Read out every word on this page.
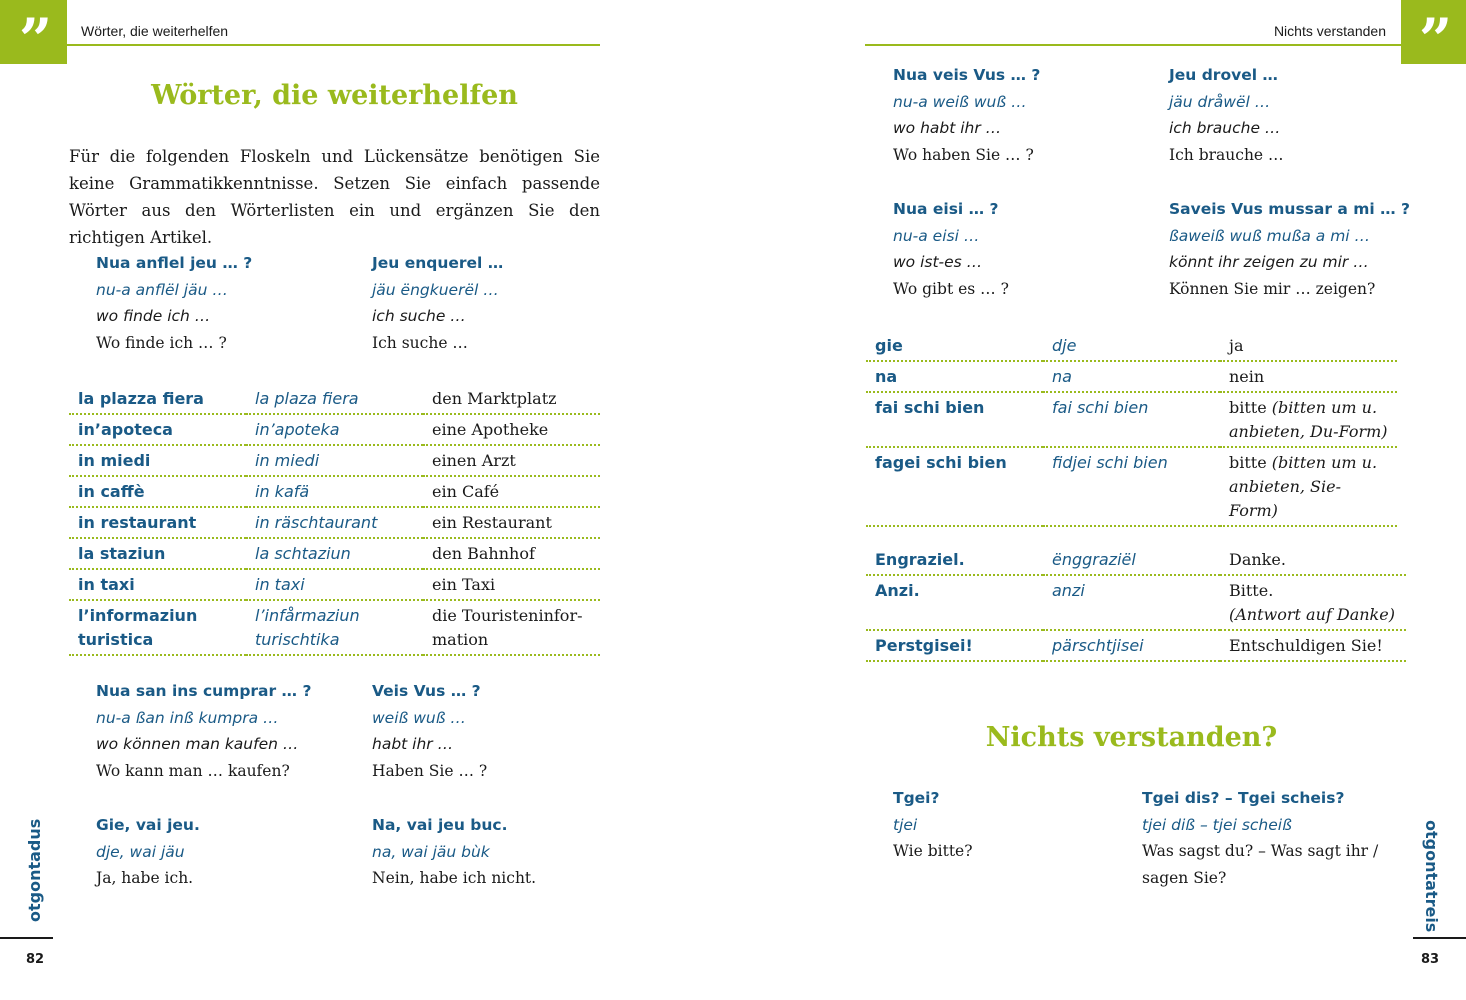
”	Wörter, die weiterhelfen
Wörter, die weiterhelfen
Für die folgenden Floskeln und Lückensätze benötigen Sie keine Grammatikkenntnisse. Setzen Sie einfach passende Wörter aus den Wörterlisten ein und ergänzen Sie den richtigen Artikel.
Nua anflel jeu … ?
nu-a anflël jäu …
wo finde ich …
Wo finde ich … ?
Jeu enquerel …
jäu ëngkuerël …
ich suche …
Ich suche …
la plazza fiera	la plaza fiera	den Marktplatz
in’apoteca	in’apoteka	eine Apotheke
in miedi	in miedi	einen Arzt
in caffè	in kafä	ein Café
in restaurant	in räschtaurant	ein Restaurant
la staziun	la schtaziun	den Bahnhof
in taxi	in taxi	ein Taxi
l’informaziun turistica	l’infårmaziun turischtika	die Touristeninfor-mation
Nua san ins cumprar … ?
nu-a ßan inß kumpra …
wo können man kaufen …
Wo kann man … kaufen?
Veis Vus … ?
weiß wuß …
habt ihr …
Haben Sie … ?
Gie, vai jeu.
dje, wai jäu
Ja, habe ich.
Na, vai jeu buc.
na, wai jäu bùk
Nein, habe ich nicht.
otgontadus
82
”
Nichts verstanden
Nua veis Vus … ?
nu-a weiß wuß …
wo habt ihr …
Wo haben Sie … ?
Jeu drovel …
jäu dråwël …
ich brauche …
Ich brauche …
Nua eisi … ?
nu-a eisi …
wo ist-es …
Wo gibt es … ?
Saveis Vus mussar a mi … ?
ßaweiß wuß mußa a mi …
könnt ihr zeigen zu mir …
Können Sie mir … zeigen?
gie	dje	ja
na	na	nein
fai schi bien	fai schi bien	bitte (bitten um u. anbieten, Du-Form)
fagei schi bien	fidjei schi bien	bitte (bitten um u. anbieten, Sie-Form)
Engraziel.	ënggraziël	Danke.
Anzi.	anzi	Bitte.
(Antwort auf Danke)
Perstgisei!	pärschtjisei	Entschuldigen Sie!
Nichts verstanden?
Tgei?
tjei
Wie bitte?
Tgei dis? – Tgei scheis?
tjei diß – tjei scheiß
Was sagst du? – Was sagt ihr / sagen Sie?	otgontatreis
83
